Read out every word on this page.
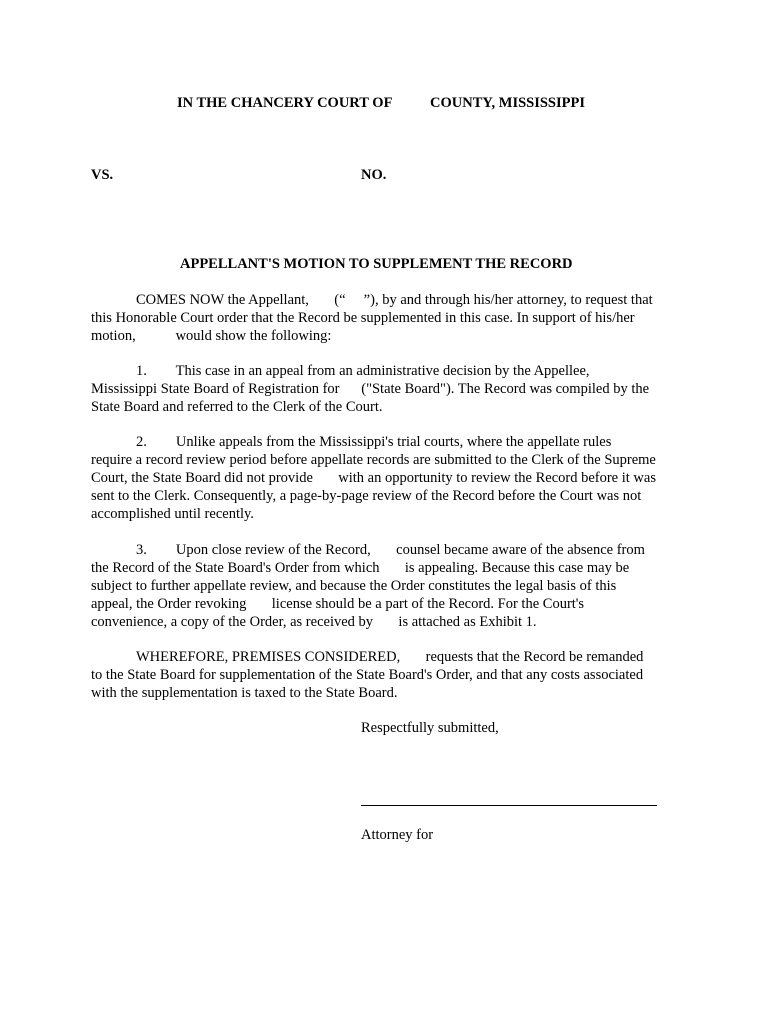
IN THE CHANCERY COURT OF	COUNTY, MISSISSIPPI
VS.	NO.
APPELLANT'S MOTION TO SUPPLEMENT THE RECORD
COMES NOW the Appellant,       (“     ”), by and through his/her attorney, to request that
this Honorable Court order that the Record be supplemented in this case. In support of his/her
motion,           would show the following:
1.        This case in an appeal from an administrative decision by the Appellee,
Mississippi State Board of Registration for      ("State Board"). The Record was compiled by the
State Board and referred to the Clerk of the Court.
2.        Unlike appeals from the Mississippi's trial courts, where the appellate rules
require a record review period before appellate records are submitted to the Clerk of the Supreme
Court, the State Board did not provide       with an opportunity to review the Record before it was
sent to the Clerk. Consequently, a page-by-page review of the Record before the Court was not
accomplished until recently.
3.        Upon close review of the Record,       counsel became aware of the absence from
the Record of the State Board's Order from which       is appealing. Because this case may be
subject to further appellate review, and because the Order constitutes the legal basis of this
appeal, the Order revoking       license should be a part of the Record. For the Court's
convenience, a copy of the Order, as received by       is attached as Exhibit 1.
WHEREFORE, PREMISES CONSIDERED,       requests that the Record be remanded
to the State Board for supplementation of the State Board's Order, and that any costs associated
with the supplementation is taxed to the State Board.
Respectfully submitted,
Attorney for
